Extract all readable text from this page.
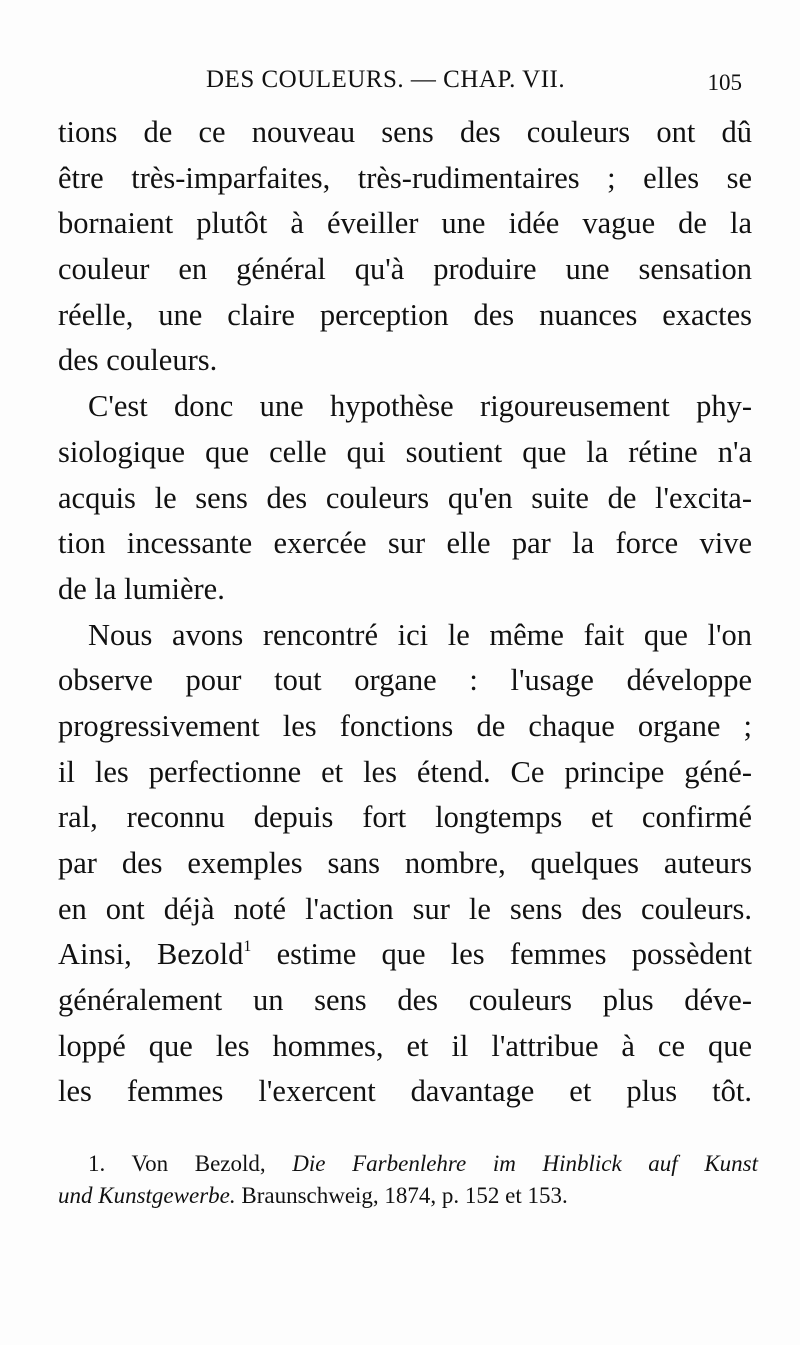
DES COULEURS. — CHAP. VII.	105
tions de ce nouveau sens des couleurs ont dû
être très-imparfaites, très-rudimentaires ; elles se
bornaient plutôt à éveiller une idée vague de la
couleur en général qu'à produire une sensation
réelle, une claire perception des nuances exactes
des couleurs.
C'est donc une hypothèse rigoureusement phy-
siologique que celle qui soutient que la rétine n'a
acquis le sens des couleurs qu'en suite de l'excita-
tion incessante exercée sur elle par la force vive
de la lumière.
Nous avons rencontré ici le même fait que l'on
observe pour tout organe : l'usage développe
progressivement les fonctions de chaque organe ;
il les perfectionne et les étend. Ce principe géné-
ral, reconnu depuis fort longtemps et confirmé
par des exemples sans nombre, quelques auteurs
en ont déjà noté l'action sur le sens des couleurs.
Ainsi, Bezold$^1$ estime que les femmes possèdent
généralement un sens des couleurs plus déve-
loppé que les hommes, et il l'attribue à ce que
les femmes l'exercent davantage et plus tôt.
1. Von Bezold, Die Farbenlehre im Hinblick auf Kunst
und Kunstgewerbe. Braunschweig, 1874, p. 152 et 153.
